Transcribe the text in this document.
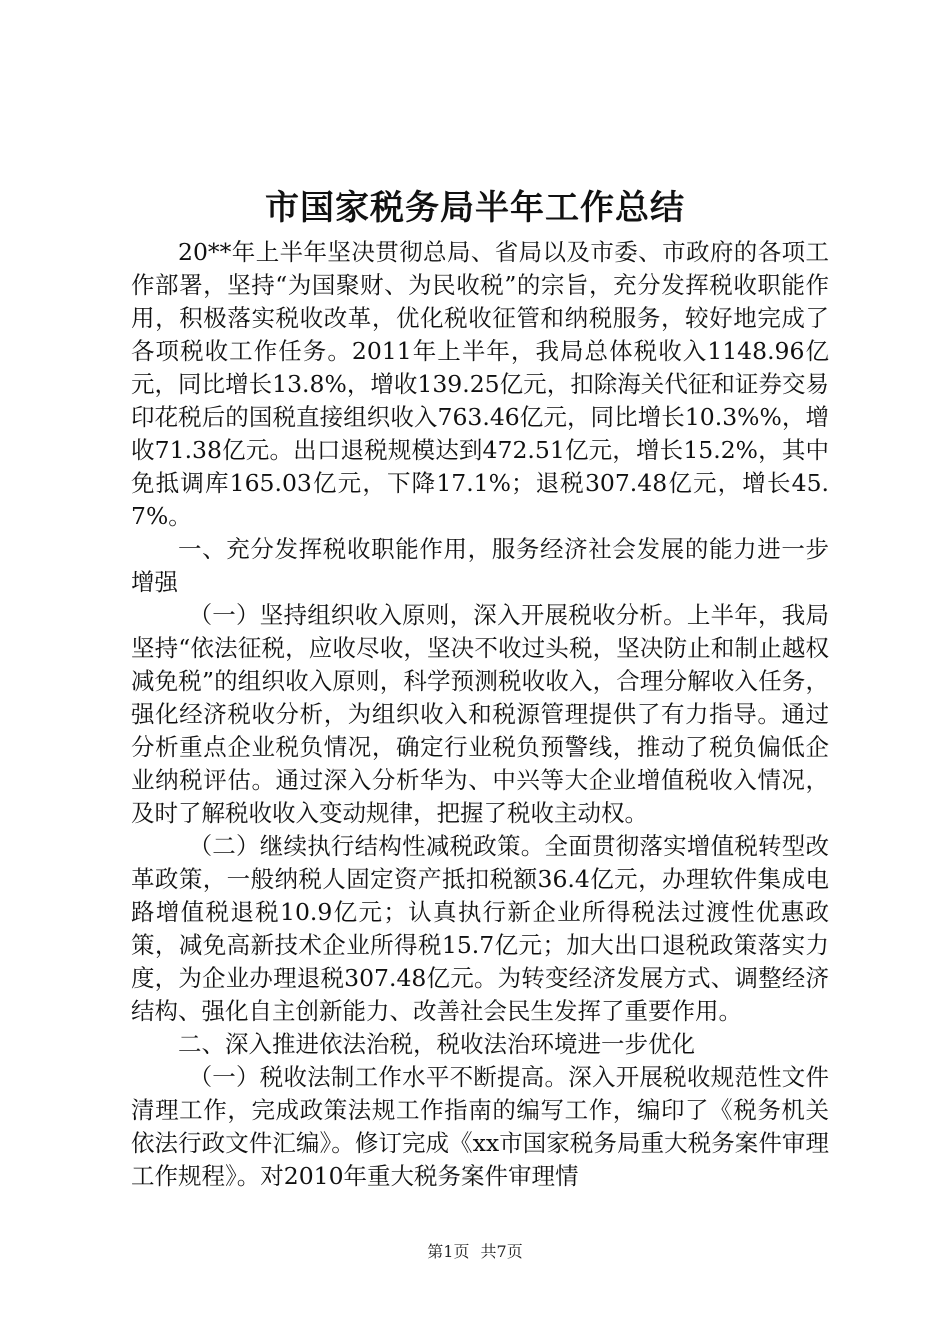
市国家税务局半年工作总结

20**年上半年坚决贯彻总局、省局以及市委、市政府的各项工作部署，坚持“为国聚财、为民收税”的宗旨，充分发挥税收职能作用，积极落实税收改革，优化税收征管和纳税服务，较好地完成了各项税收工作任务。2011年上半年，我局总体税收入1148.96亿元，同比增长13.8%，增收139.25亿元，扣除海关代征和证券交易印花税后的国税直接组织收入763.46亿元，同比增长10.3%%，增收71.38亿元。出口退税规模达到472.51亿元，增长15.2%，其中免抵调库165.03亿元，下降17.1%；退税307.48亿元，增长45.7%。

一、充分发挥税收职能作用，服务经济社会发展的能力进一步增强

（一）坚持组织收入原则，深入开展税收分析。上半年，我局坚持“依法征税，应收尽收，坚决不收过头税，坚决防止和制止越权减免税”的组织收入原则，科学预测税收收入，合理分解收入任务，强化经济税收分析，为组织收入和税源管理提供了有力指导。通过分析重点企业税负情况，确定行业税负预警线，推动了税负偏低企业纳税评估。通过深入分析华为、中兴等大企业增值税收入情况，及时了解税收收入变动规律，把握了税收主动权。

（二）继续执行结构性减税政策。全面贯彻落实增值税转型改革政策，一般纳税人固定资产抵扣税额36.4亿元，办理软件集成电路增值税退税10.9亿元；认真执行新企业所得税法过渡性优惠政策，减免高新技术企业所得税15.7亿元；加大出口退税政策落实力度，为企业办理退税307.48亿元。为转变经济发展方式、调整经济结构、强化自主创新能力、改善社会民生发挥了重要作用。

二、深入推进依法治税，税收法治环境进一步优化

（一）税收法制工作水平不断提高。深入开展税收规范性文件清理工作，完成政策法规工作指南的编写工作，编印了《税务机关依法行政文件汇编》。修订完成《xx市国家税务局重大税务案件审理工作规程》。对2010年重大税务案件审理情

第1页 共7页
